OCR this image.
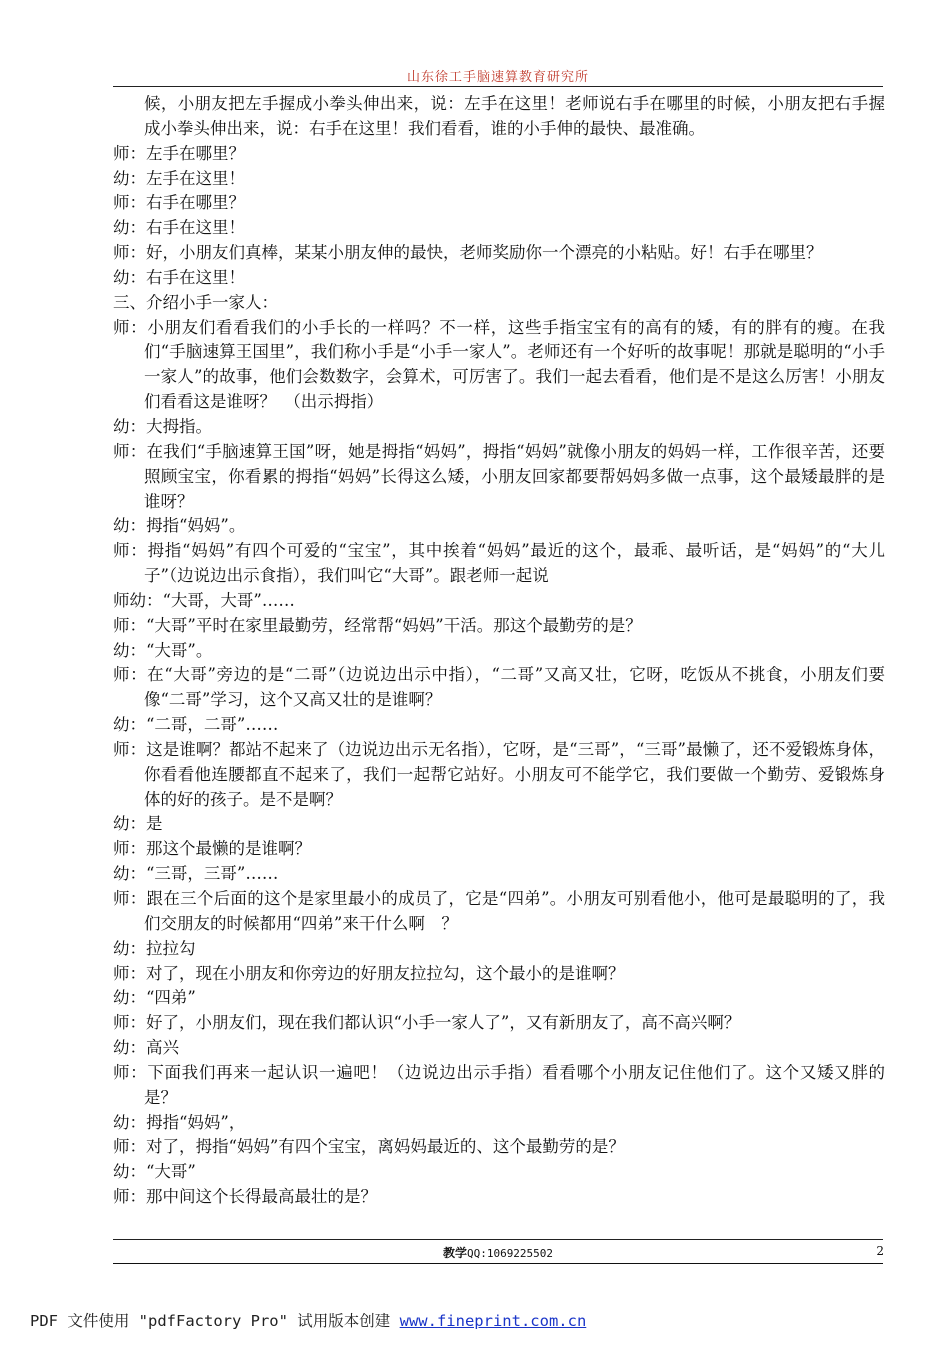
山东徐工手脑速算教育研究所

候，小朋友把左手握成小拳头伸出来，说：左手在这里！老师说右手在哪里的时候，小朋友把右手握成小拳头伸出来，说：右手在这里！我们看看，谁的小手伸的最快、最准确。

师：左手在哪里？

幼：左手在这里！

师：右手在哪里？

幼：右手在这里！

师：好，小朋友们真棒，某某小朋友伸的最快，老师奖励你一个漂亮的小粘贴。好！右手在哪里？

幼：右手在这里！

三、介绍小手一家人：

师：小朋友们看看我们的小手长的一样吗？不一样，这些手指宝宝有的高有的矮，有的胖有的瘦。在我们“手脑速算王国里”，我们称小手是“小手一家人”。老师还有一个好听的故事呢！那就是聪明的“小手一家人”的故事，他们会数数字，会算术，可厉害了。我们一起去看看，他们是不是这么厉害！小朋友们看看这是谁呀？　（出示拇指）

幼：大拇指。

师：在我们“手脑速算王国”呀，她是拇指“妈妈”，拇指“妈妈”就像小朋友的妈妈一样，工作很辛苦，还要照顾宝宝，你看累的拇指“妈妈”长得这么矮，小朋友回家都要帮妈妈多做一点事，这个最矮最胖的是谁呀？

幼：拇指“妈妈”。

师：拇指“妈妈”有四个可爱的“宝宝”，其中挨着“妈妈”最近的这个，最乖、最听话，是“妈妈”的“大儿子”（边说边出示食指），我们叫它“大哥”。跟老师一起说

师幼：“大哥，大哥”……

师：“大哥”平时在家里最勤劳，经常帮“妈妈”干活。那这个最勤劳的是？

幼：“大哥”。

师：在“大哥”旁边的是“二哥”（边说边出示中指），“二哥”又高又壮，它呀，吃饭从不挑食，小朋友们要像“二哥”学习，这个又高又壮的是谁啊？

幼：“二哥，二哥”……

师：这是谁啊？都站不起来了（边说边出示无名指），它呀，是“三哥”，“三哥”最懒了，还不爱锻炼身体，你看看他连腰都直不起来了，我们一起帮它站好。小朋友可不能学它，我们要做一个勤劳、爱锻炼身体的好的孩子。是不是啊？

幼：是

师：那这个最懒的是谁啊？

幼：“三哥，三哥”……

师：跟在三个后面的这个是家里最小的成员了，它是“四弟”。小朋友可别看他小，他可是最聪明的了，我们交朋友的时候都用“四弟”来干什么啊　？

幼：拉拉勾

师：对了，现在小朋友和你旁边的好朋友拉拉勾，这个最小的是谁啊？

幼：“四弟”

师：好了，小朋友们，现在我们都认识“小手一家人了”，又有新朋友了，高不高兴啊？

幼：高兴

师：下面我们再来一起认识一遍吧！（边说边出示手指）看看哪个小朋友记住他们了。这个又矮又胖的是？

幼：拇指“妈妈”，

师：对了，拇指“妈妈”有四个宝宝，离妈妈最近的、这个最勤劳的是？

幼：“大哥”

师：那中间这个长得最高最壮的是？

教学QQ:1069225502	2
PDF 文件使用 "pdfFactory Pro" 试用版本创建 www.fineprint.com.cn
